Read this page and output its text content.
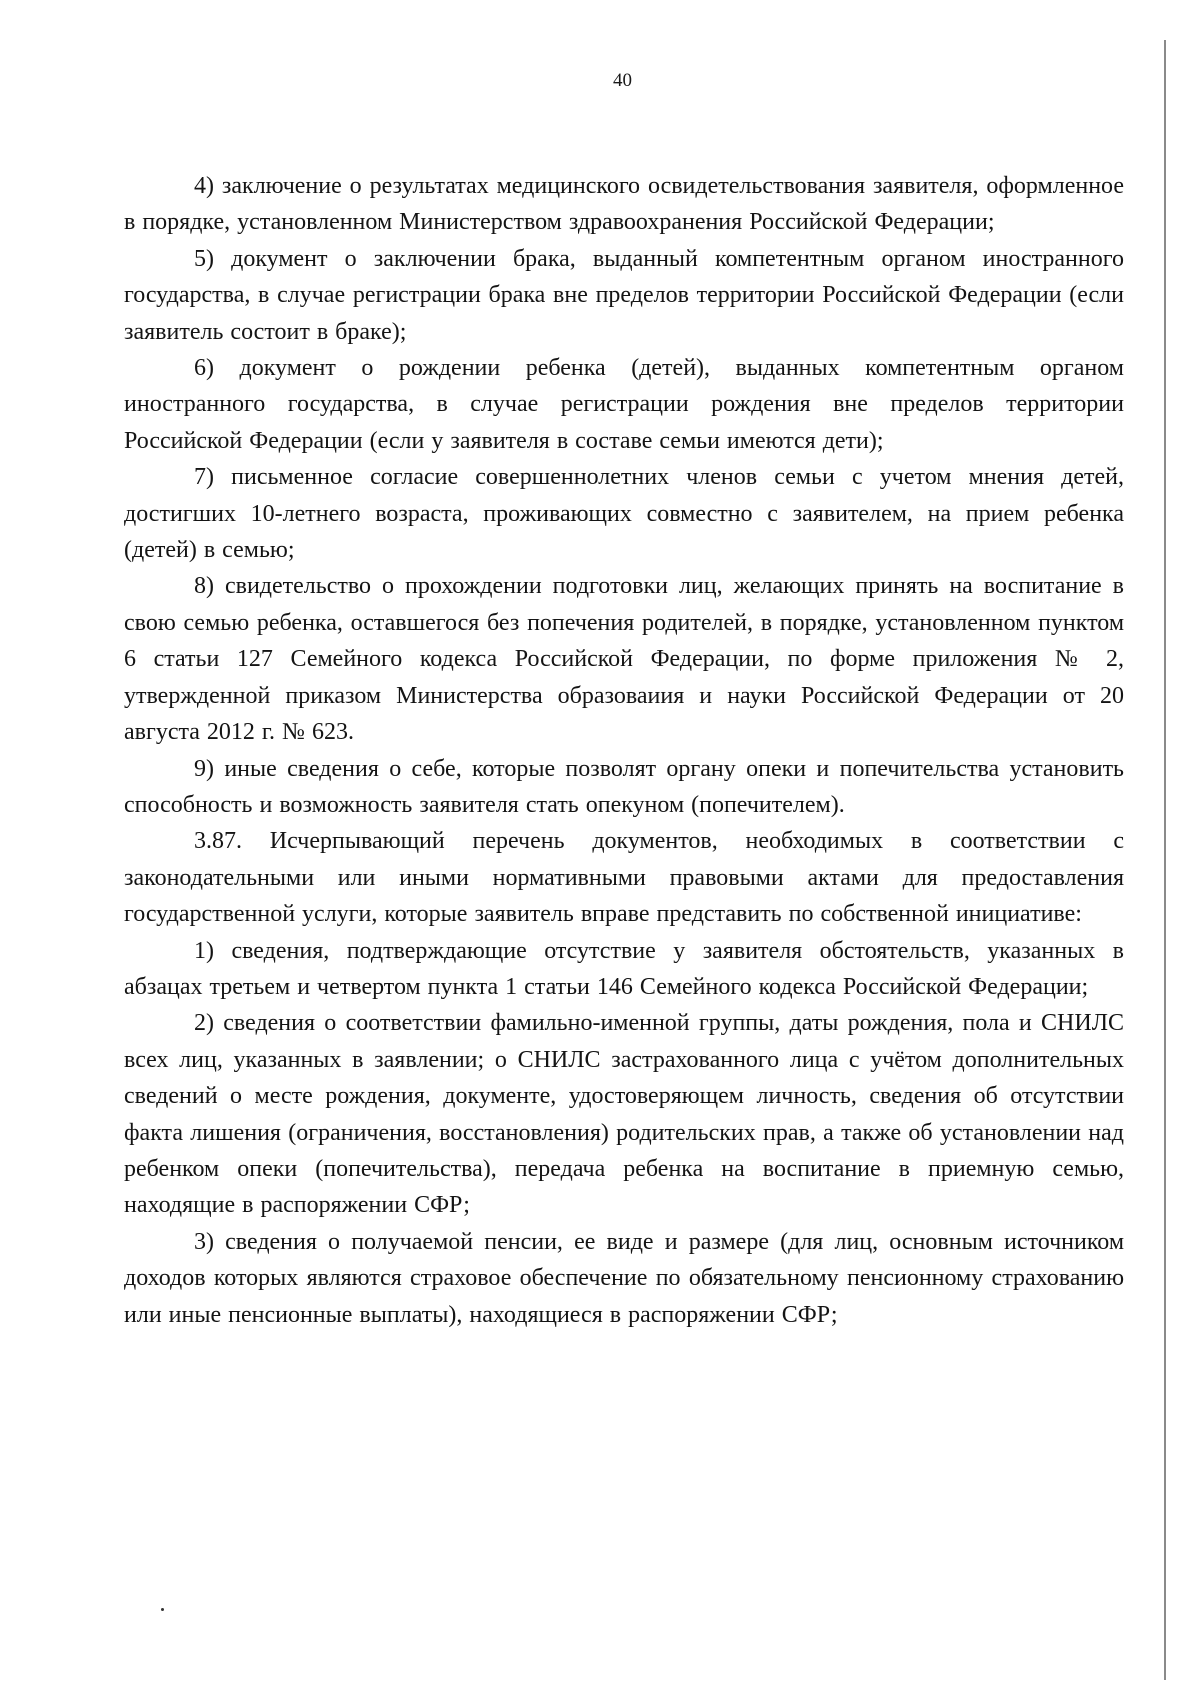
40

4) заключение о результатах медицинского освидетельствования заявителя, оформленное в порядке, установленном Министерством здравоохранения Российской Федерации;

5) документ о заключении брака, выданный компетентным органом иностранного государства, в случае регистрации брака вне пределов территории Российской Федерации (если заявитель состоит в браке);

6) документ о рождении ребенка (детей), выданных компетентным органом иностранного государства, в случае регистрации рождения вне пределов территории Российской Федерации (если у заявителя в составе семьи имеются дети);

7) письменное согласие совершеннолетних членов семьи с учетом мнения детей, достигших 10-летнего возраста, проживающих совместно с заявителем, на прием ребенка (детей) в семью;

8) свидетельство о прохождении подготовки лиц, желающих принять на воспитание в свою семью ребенка, оставшегося без попечения родителей, в порядке, установленном пунктом 6 статьи 127 Семейного кодекса Российской Федерации, по форме приложения № 2, утвержденной приказом Министерства образоваиия и науки Российской Федерации от 20 августа 2012 г. № 623.

9) иные сведения о себе, которые позволят органу опеки и попечительства установить способность и возможность заявителя стать опекуном (попечителем).

3.87. Исчерпывающий перечень документов, необходимых в соответствии с законодательными или иными нормативными правовыми актами для предоставления государственной услуги, которые заявитель вправе представить по собственной инициативе:

1) сведения, подтверждающие отсутствие у заявителя обстоятельств, указанных в абзацах третьем и четвертом пункта 1 статьи 146 Семейного кодекса Российской Федерации;

2) сведения о соответствии фамильно-именной группы, даты рождения, пола и СНИЛС всех лиц, указанных в заявлении; о СНИЛС застрахованного лица с учётом дополнительных сведений о месте рождения, документе, удостоверяющем личность, сведения об отсутствии факта лишения (ограничения, восстановления) родительских прав, а также об установлении над ребенком опеки (попечительства), передача ребенка на воспитание в приемную семью, находящие в распоряжении СФР;

3) сведения о получаемой пенсии, ее виде и размере (для лиц, основным источником доходов которых являются страховое обеспечение по обязательному пенсионному страхованию или иные пенсионные выплаты), находящиеся в распоряжении СФР;
